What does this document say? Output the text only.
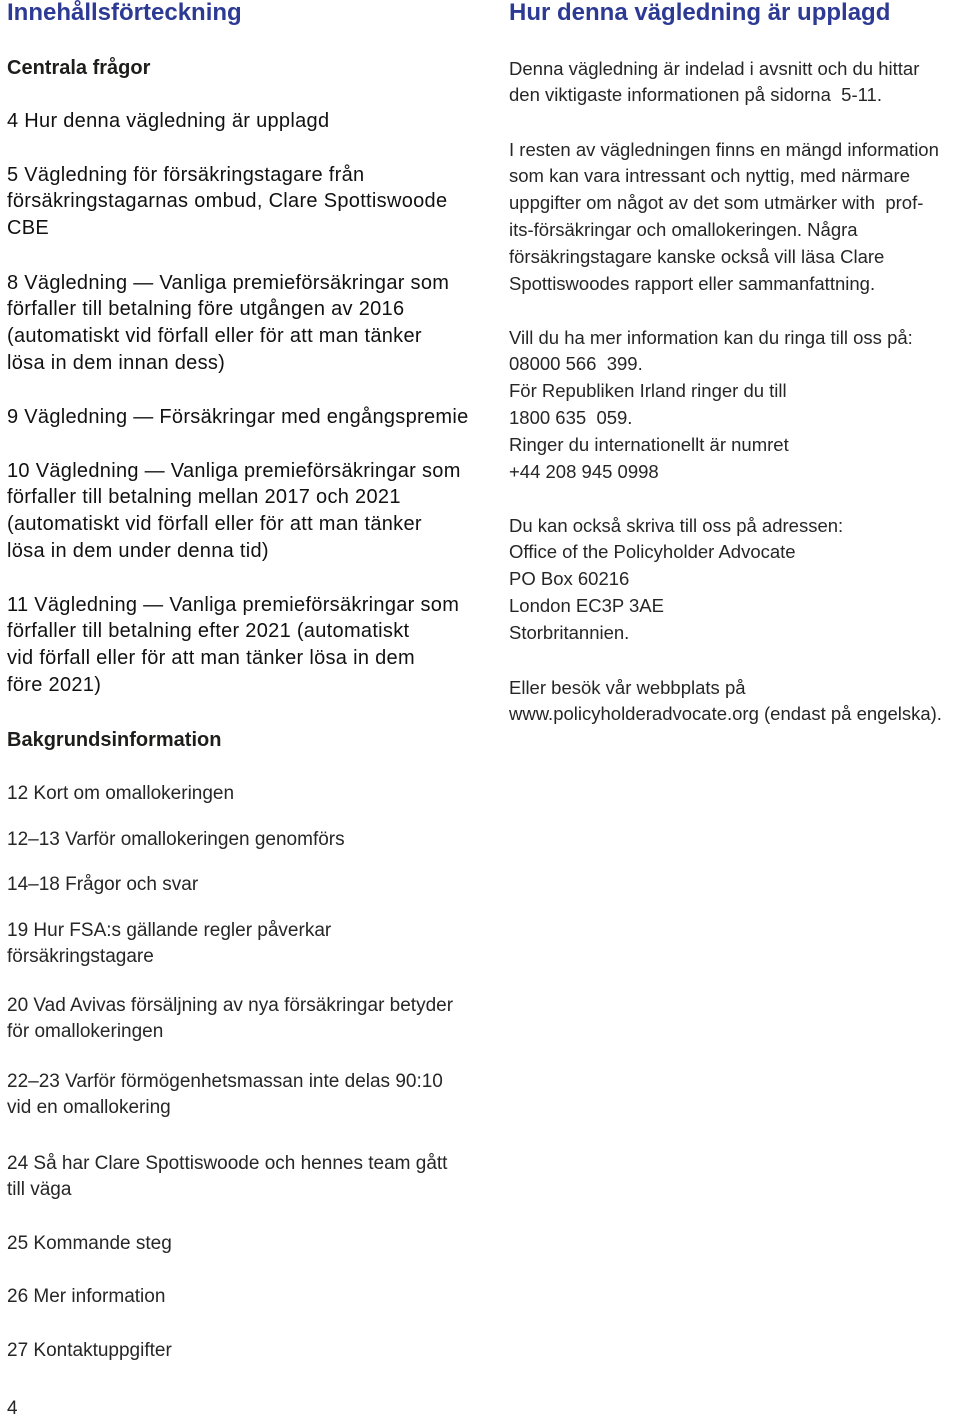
Innehållsförteckning
Centrala frågor
4 Hur denna vägledning är upplagd
5 Vägledning för försäkringstagare från
försäkringstagarnas ombud, Clare Spottiswoode
CBE
8 Vägledning — Vanliga premieförsäkringar som
förfaller till betalning före utgången av 2016
(automatiskt vid förfall eller för att man tänker
lösa in dem innan dess)
9 Vägledning — Försäkringar med engångspremie
10 Vägledning — Vanliga premieförsäkringar som
förfaller till betalning mellan 2017 och 2021
(automatiskt vid förfall eller för att man tänker
lösa in dem under denna tid)
11 Vägledning — Vanliga premieförsäkringar som
förfaller till betalning efter 2021 (automatiskt
vid förfall eller för att man tänker lösa in dem
före 2021)
Bakgrundsinformation
12 Kort om omallokeringen
12–13 Varför omallokeringen genomförs
14–18 Frågor och svar
19 Hur FSA:s gällande regler påverkar
försäkringstagare
20 Vad Avivas försäljning av nya försäkringar betyder
för omallokeringen
22–23 Varför förmögenhetsmassan inte delas 90:10
vid en omallokering
24 Så har Clare Spottiswoode och hennes team gått
till väga
25 Kommande steg
26 Mer information
27 Kontaktuppgifter
Hur denna vägledning är upplagd
Denna vägledning är indelad i avsnitt och du hittar
den viktigaste informationen på sidorna  5-11.
I resten av vägledningen finns en mängd information
som kan vara intressant och nyttig, med närmare
uppgifter om något av det som utmärker with  prof-
its-försäkringar och omallokeringen. Några
försäkringstagare kanske också vill läsa Clare
Spottiswoodes rapport eller sammanfattning.
Vill du ha mer information kan du ringa till oss på:
08000 566  399.
För Republiken Irland ringer du till
1800 635  059.
Ringer du internationellt är numret
+44 208 945 0998
Du kan också skriva till oss på adressen:
Office of the Policyholder Advocate
PO Box 60216
London EC3P 3AE
Storbritannien.
Eller besök vår webbplats på
www.policyholderadvocate.org (endast på engelska).

4
